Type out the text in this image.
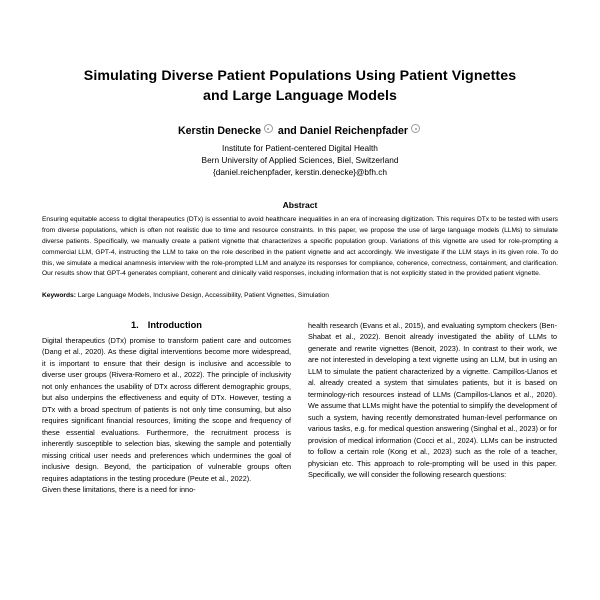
Simulating Diverse Patient Populations Using Patient Vignettes
and Large Language Models

Kerstin Denecke and Daniel Reichenpfader

Institute for Patient-centered Digital Health
Bern University of Applied Sciences, Biel, Switzerland
{daniel.reichenpfader, kerstin.denecke}@bfh.ch

Abstract

Ensuring equitable access to digital therapeutics (DTx) is essential to avoid healthcare inequalities in an era of increasing digitization. This requires DTx to be tested with users from diverse populations, which is often not realistic due to time and resource constraints. In this paper, we propose the use of large language models (LLMs) to simulate diverse patients. Specifically, we manually create a patient vignette that characterizes a specific population group. Variations of this vignette are used for role-prompting a commercial LLM, GPT-4, instructing the LLM to take on the role described in the patient vignette and act accordingly. We investigate if the LLM stays in its given role. To do this, we simulate a medical anamnesis interview with the role-prompted LLM and analyze its responses for compliance, coherence, correctness, containment, and clarification. Our results show that GPT-4 generates compliant, coherent and clinically valid responses, including information that is not explicitly stated in the provided patient vignette.

Keywords: Large Language Models, Inclusive Design, Accessibility, Patient Vignettes, Simulation

1. Introduction

Digital therapeutics (DTx) promise to transform patient care and outcomes (Dang et al., 2020). As these digital interventions become more widespread, it is important to ensure that their design is inclusive and accessible to diverse user groups (Rivera-Romero et al., 2022). The principle of inclusivity not only enhances the usability of DTx across different demographic groups, but also underpins the effectiveness and equity of DTx. However, testing a DTx with a broad spectrum of patients is not only time consuming, but also requires significant financial resources, limiting the scope and frequency of these essential evaluations. Furthermore, the recruitment process is inherently susceptible to selection bias, skewing the sample and potentially missing critical user needs and preferences which undermines the goal of inclusive design. Beyond, the participation of vulnerable groups often requires adaptations in the testing procedure (Peute et al., 2022).

Given these limitations, there is a need for inno-

health research (Evans et al., 2015), and evaluating symptom checkers (Ben-Shabat et al., 2022). Benoit already investigated the ability of LLMs to generate and rewrite vignettes (Benoit, 2023). In contrast to their work, we are not interested in developing a text vignette using an LLM, but in using an LLM to simulate the patient characterized by a vignette. Campillos-Llanos et al. already created a system that simulates patients, but it is based on terminology-rich resources instead of LLMs (Campillos-Llanos et al., 2020). We assume that LLMs might have the potential to simplify the development of such a system, having recently demonstrated human-level performance on various tasks, e.g. for medical question answering (Singhal et al., 2023) or for provision of medical information (Cocci et al., 2024). LLMs can be instructed to follow a certain role (Kong et al., 2023) such as the role of a teacher, physician etc. This approach to role-prompting will be used in this paper. Specifically, we will consider the following research questions:
